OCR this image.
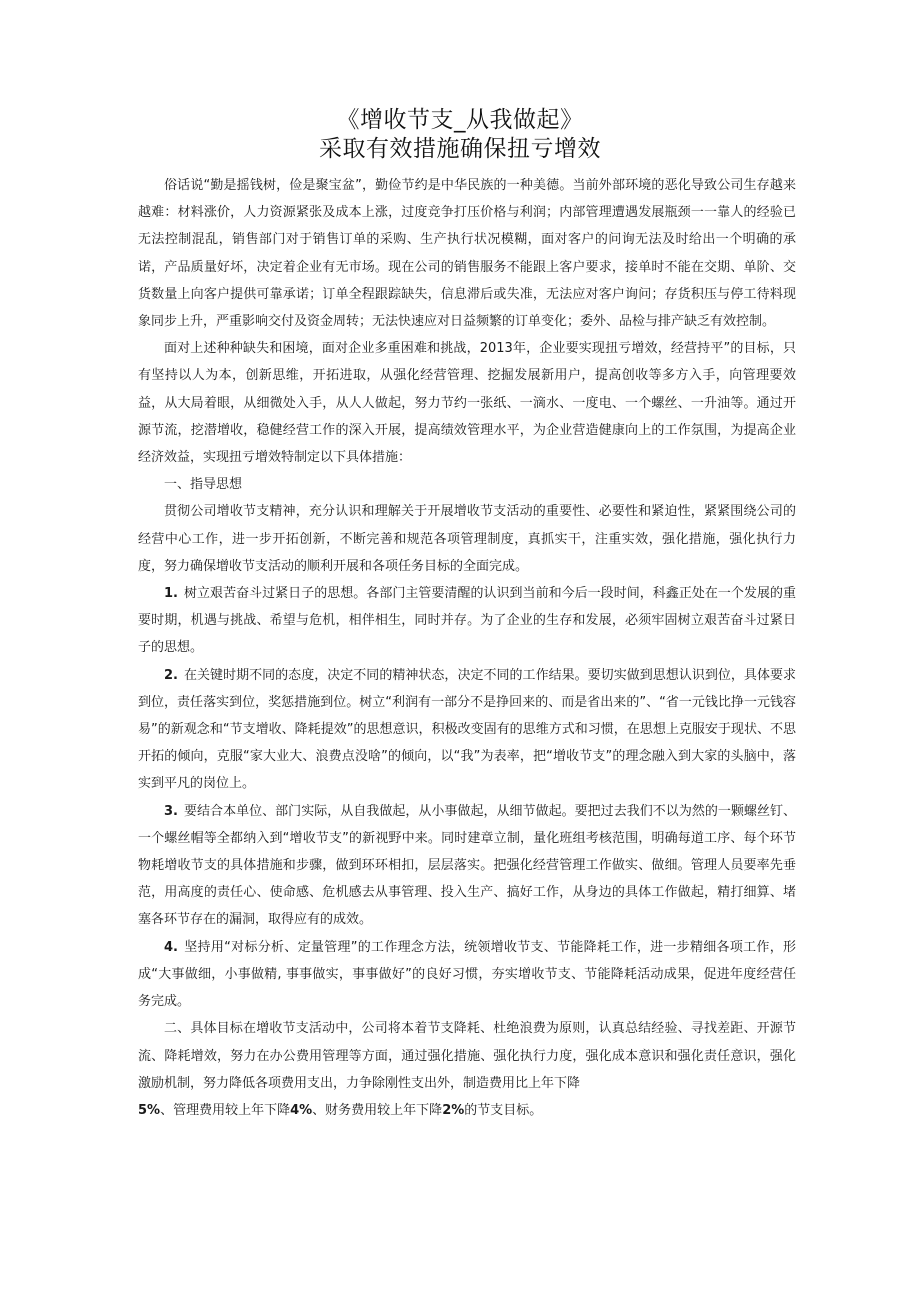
《增收节支_从我做起》
采取有效措施确保扭亏增效

俗话说“勤是摇钱树，俭是聚宝盆”，勤俭节约是中华民族的一种美德。当前外部环境的恶化导致公司生存越来越难：材料涨价，人力资源紧张及成本上涨，过度竞争打压价格与利润；内部管理遭遇发展瓶颈一一靠人的经验已无法控制混乱，销售部门对于销售订单的采购、生产执行状况模糊，面对客户的问询无法及时给出一个明确的承诺，产品质量好坏，决定着企业有无市场。现在公司的销售服务不能跟上客户要求，接单时不能在交期、单阶、交货数量上向客户提供可靠承诺；订单全程跟踪缺失，信息滞后或失准，无法应对客户询问；存货积压与停工待料现象同步上升，严重影响交付及资金周转；无法快速应对日益频繁的订单变化；委外、品检与排产缺乏有效控制。

面对上述种种缺失和困境，面对企业多重困难和挑战，2013年，企业要实现扭亏增效，经营持平”的目标，只有坚持以人为本，创新思维，开拓进取，从强化经营管理、挖掘发展新用户，提高创收等多方入手，向管理要效益，从大局着眼，从细微处入手，从人人做起，努力节约一张纸、一滴水、一度电、一个螺丝、一升油等。通过开源节流，挖潜增收，稳健经营工作的深入开展，提高绩效管理水平，为企业营造健康向上的工作氛围，为提高企业经济效益，实现扭亏增效特制定以下具体措施：

一、指导思想

贯彻公司增收节支精神，充分认识和理解关于开展增收节支活动的重要性、必要性和紧迫性，紧紧围绕公司的经营中心工作，进一步开拓创新，不断完善和规范各项管理制度，真抓实干，注重实效，强化措施，强化执行力度，努力确保增收节支活动的顺利开展和各项任务目标的全面完成。

1. 树立艰苦奋斗过紧日子的思想。各部门主管要清醒的认识到当前和今后一段时间，科鑫正处在一个发展的重要时期，机遇与挑战、希望与危机，相伴相生，同时并存。为了企业的生存和发展，必须牢固树立艰苦奋斗过紧日子的思想。

2. 在关键时期不同的态度，决定不同的精神状态，决定不同的工作结果。要切实做到思想认识到位，具体要求到位，责任落实到位，奖惩措施到位。树立“利润有一部分不是挣回来的、而是省出来的”、“省一元钱比挣一元钱容易”的新观念和“节支增收、降耗提效”的思想意识，积极改变固有的思维方式和习惯，在思想上克服安于现状、不思开拓的倾向，克服“家大业大、浪费点没啥”的倾向，以“我”为表率，把“增收节支”的理念融入到大家的头脑中，落实到平凡的岗位上。

3. 要结合本单位、部门实际，从自我做起，从小事做起，从细节做起。要把过去我们不以为然的一颗螺丝钉、一个螺丝帽等全都纳入到“增收节支”的新视野中来。同时建章立制，量化班组考核范围，明确每道工序、每个环节物耗增收节支的具体措施和步骤，做到环环相扣，层层落实。把强化经营管理工作做实、做细。管理人员要率先垂范，用高度的责任心、使命感、危机感去从事管理、投入生产、搞好工作，从身边的具体工作做起，精打细算、堵塞各环节存在的漏洞，取得应有的成效。

4. 坚持用“对标分析、定量管理”的工作理念方法，统领增收节支、节能降耗工作，进一步精细各项工作，形成“大事做细，小事做精, 事事做实，事事做好”的良好习惯，夯实增收节支、节能降耗活动成果，促进年度经营任务完成。

二、具体目标在增收节支活动中，公司将本着节支降耗、杜绝浪费为原则，认真总结经验、寻找差距、开源节流、降耗增效，努力在办公费用管理等方面，通过强化措施、强化执行力度，强化成本意识和强化责任意识，强化激励机制，努力降低各项费用支出，力争除刚性支出外，制造费用比上年下降

5%、管理费用较上年下降4%、财务费用较上年下降2%的节支目标。
